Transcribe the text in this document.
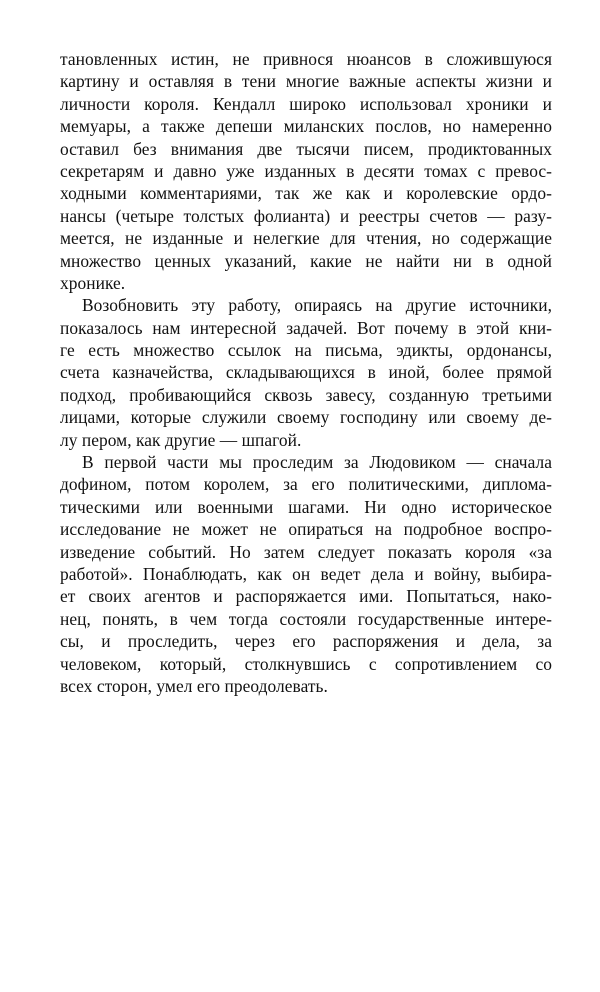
тановленных истин, не привнося нюансов в сложившуюся
картину и оставляя в тени многие важные аспекты жизни и
личности короля. Кендалл широко использовал хроники и
мемуары, а также депеши миланских послов, но намеренно
оставил без внимания две тысячи писем, продиктованных
секретарям и давно уже изданных в десяти томах с превос-
ходными комментариями, так же как и королевские ордо-
нансы (четыре толстых фолианта) и реестры счетов — разу-
меется, не изданные и нелегкие для чтения, но содержащие
множество ценных указаний, какие не найти ни в одной
хронике.
Возобновить эту работу, опираясь на другие источники,
показалось нам интересной задачей. Вот почему в этой кни-
ге есть множество ссылок на письма, эдикты, ордонансы,
счета казначейства, складывающихся в иной, более прямой
подход, пробивающийся сквозь завесу, созданную третьими
лицами, которые служили своему господину или своему де-
лу пером, как другие — шпагой.
В первой части мы проследим за Людовиком — сначала
дофином, потом королем, за его политическими, диплома-
тическими или военными шагами. Ни одно историческое
исследование не может не опираться на подробное воспро-
изведение событий. Но затем следует показать короля «за
работой». Понаблюдать, как он ведет дела и войну, выбира-
ет своих агентов и распоряжается ими. Попытаться, нако-
нец, понять, в чем тогда состояли государственные интере-
сы, и проследить, через его распоряжения и дела, за
человеком, который, столкнувшись с сопротивлением со
всех сторон, умел его преодолевать.
